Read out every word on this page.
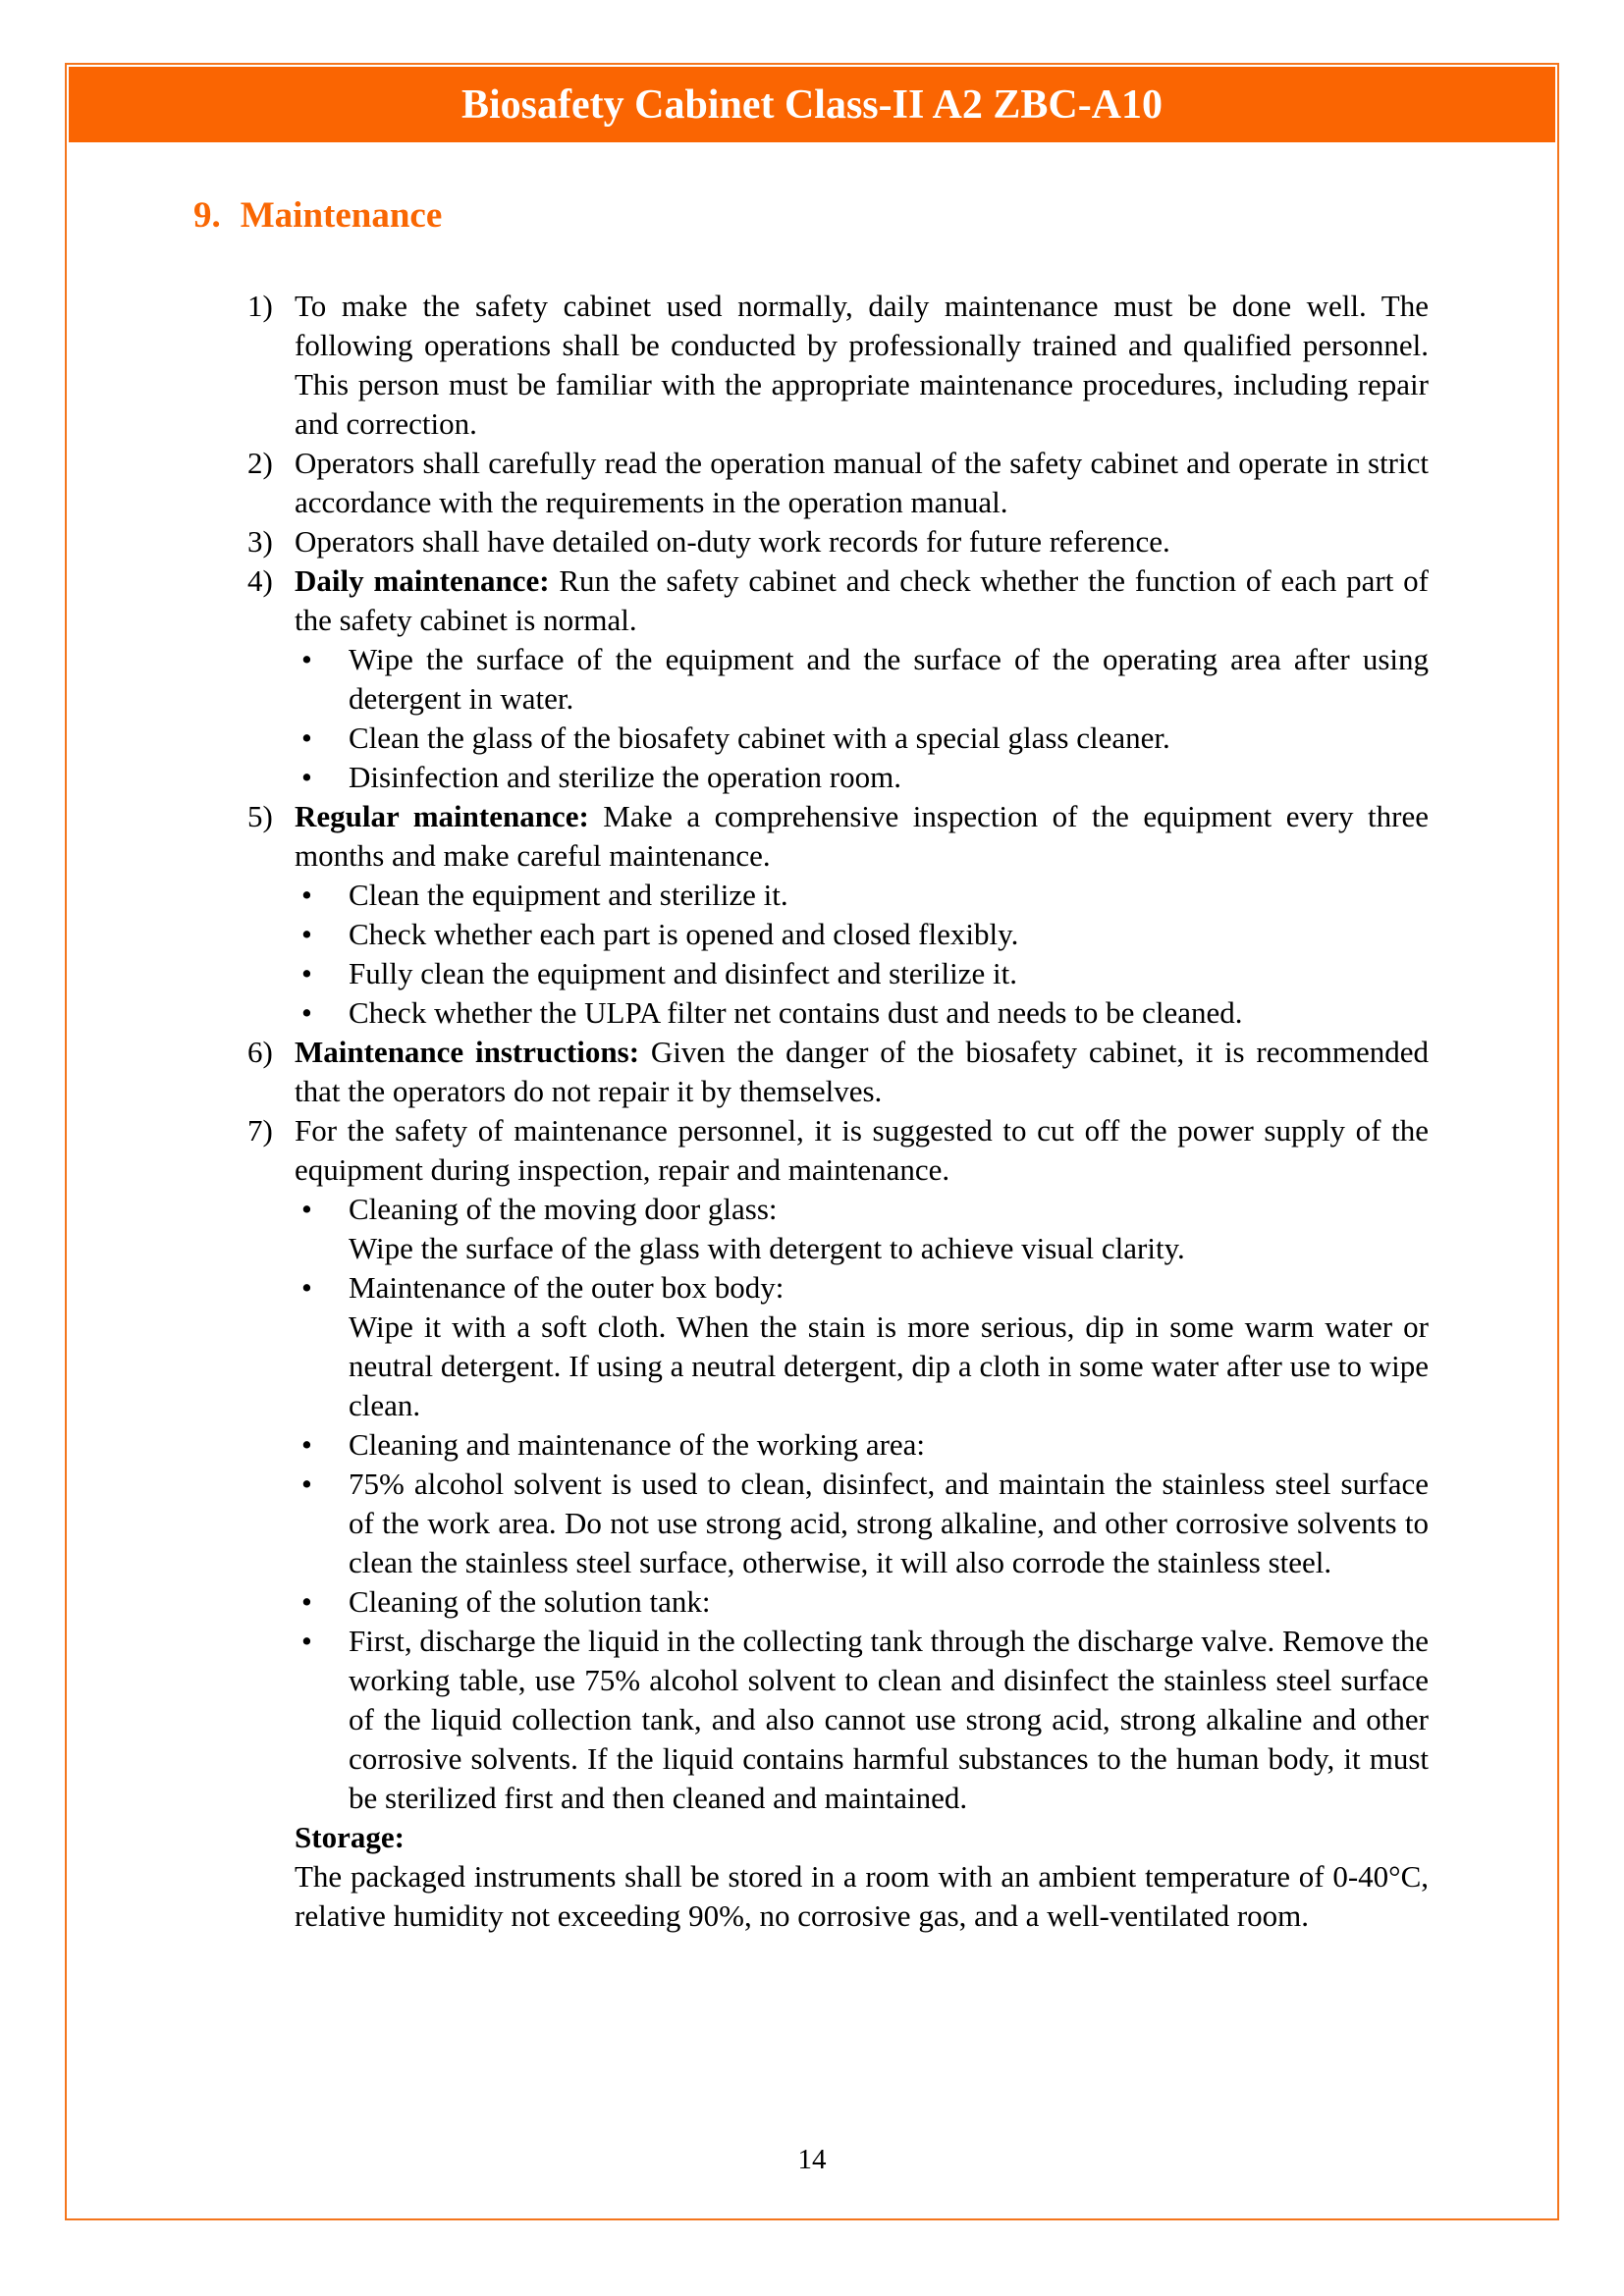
Biosafety Cabinet Class-II A2 ZBC-A10
9. Maintenance
1) To make the safety cabinet used normally, daily maintenance must be done well. The following operations shall be conducted by professionally trained and qualified personnel. This person must be familiar with the appropriate maintenance procedures, including repair and correction.
2) Operators shall carefully read the operation manual of the safety cabinet and operate in strict accordance with the requirements in the operation manual.
3) Operators shall have detailed on-duty work records for future reference.
4) Daily maintenance: Run the safety cabinet and check whether the function of each part of the safety cabinet is normal.
•	Wipe the surface of the equipment and the surface of the operating area after using detergent in water.
•	Clean the glass of the biosafety cabinet with a special glass cleaner.
•	Disinfection and sterilize the operation room.
5) Regular maintenance: Make a comprehensive inspection of the equipment every three months and make careful maintenance.
•	Clean the equipment and sterilize it.
•	Check whether each part is opened and closed flexibly.
•	Fully clean the equipment and disinfect and sterilize it.
•	Check whether the ULPA filter net contains dust and needs to be cleaned.
6) Maintenance instructions: Given the danger of the biosafety cabinet, it is recommended that the operators do not repair it by themselves.
7) For the safety of maintenance personnel, it is suggested to cut off the power supply of the equipment during inspection, repair and maintenance.
•	Cleaning of the moving door glass:
Wipe the surface of the glass with detergent to achieve visual clarity.
•	Maintenance of the outer box body:
Wipe it with a soft cloth. When the stain is more serious, dip in some warm water or neutral detergent. If using a neutral detergent, dip a cloth in some water after use to wipe clean.
•	Cleaning and maintenance of the working area:
•	75% alcohol solvent is used to clean, disinfect, and maintain the stainless steel surface of the work area. Do not use strong acid, strong alkaline, and other corrosive solvents to clean the stainless steel surface, otherwise, it will also corrode the stainless steel.
•	Cleaning of the solution tank:
•	First, discharge the liquid in the collecting tank through the discharge valve. Remove the working table, use 75% alcohol solvent to clean and disinfect the stainless steel surface of the liquid collection tank, and also cannot use strong acid, strong alkaline and other corrosive solvents. If the liquid contains harmful substances to the human body, it must be sterilized first and then cleaned and maintained.
Storage:
The packaged instruments shall be stored in a room with an ambient temperature of 0-40°C, relative humidity not exceeding 90%, no corrosive gas, and a well-ventilated room.
14
